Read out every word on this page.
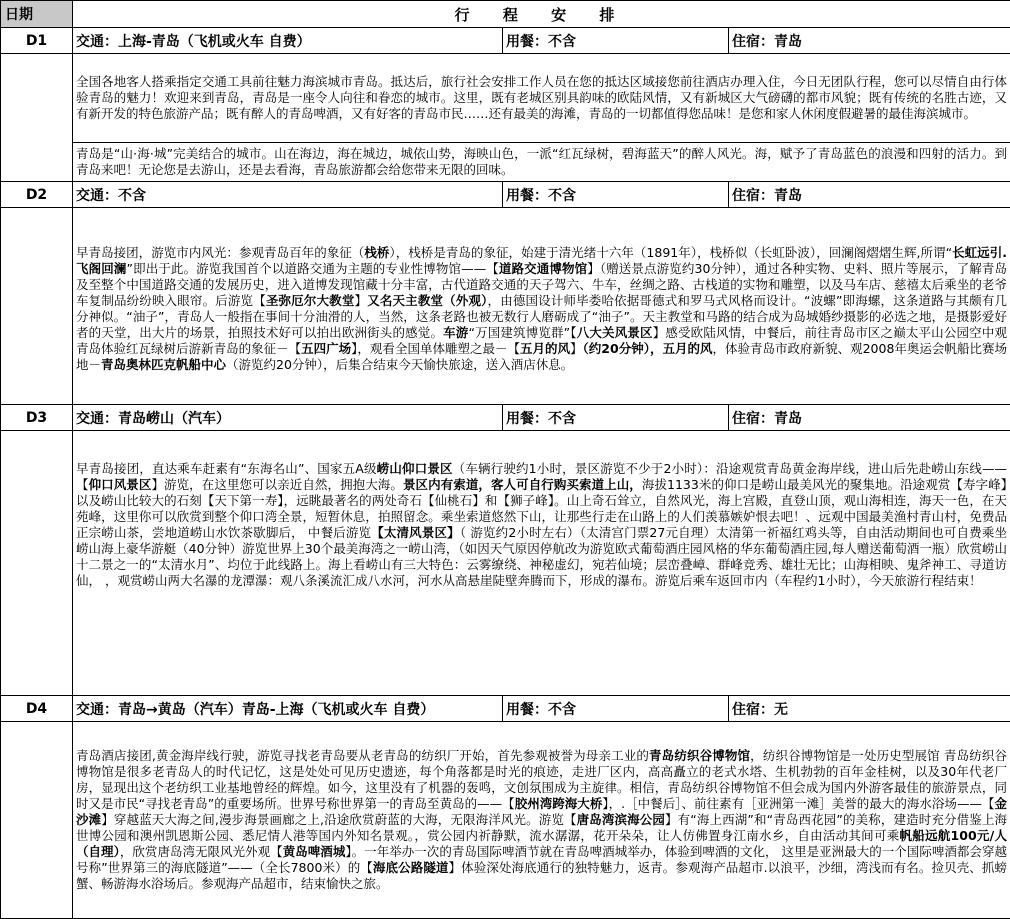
日期	行 程 安 排		
D1	交通：上海-青岛（飞机或火车 自费）	用餐：不含	住宿：青岛
	全国各地客人搭乘指定交通工具前往魅力海滨城市青岛。抵达后，旅行社会安排工作人员在您的抵达区域接您前往酒店办理入住，今日无团队行程，您可以尽情自由行体验青岛的魅力！欢迎来到青岛，青岛是一座令人向往和眷恋的城市。这里，既有老城区别具韵味的欧陆风情，又有新城区大气磅礴的都市风貌；既有传统的名胜古迹，又有新开发的特色旅游产品；既有醉人的青岛啤酒，又有好客的青岛市民……还有最美的海滩，青岛的一切都值得您品味！是您和家人休闲度假避暑的最佳海滨城市。		
	青岛是“山·海·城”完美结合的城市。山在海边，海在城边，城依山势，海映山色，一派“红瓦绿树，碧海蓝天”的醉人风光。海，赋予了青岛蓝色的浪漫和四射的活力。到青岛来吧！无论您是去游山，还是去看海，青岛旅游都会给您带来无限的回味。		
D2	交通：不含	用餐：不含	住宿：青岛
	早青岛接团，游览市内风光：参观青岛百年的象征（栈桥），栈桥是青岛的象征，始建于清光绪十六年（1891年），栈桥似（长虹卧波），回澜阁熠熠生辉,所谓“长虹远引.飞阁回澜”即出于此。游览我国首个以道路交通为主题的专业性博物馆——【道路交通博物馆】（赠送景点游览约30分钟），通过各种实物、史料、照片等展示，了解青岛及至整个中国道路交通的发展历史，进入道博发现馆藏十分丰富，古代道路交通的天子驾六、牛车，丝绸之路、古栈道的实物和雕塑，以及马车店、慈禧太后乘坐的老爷车复制品纷纷映入眼帘。后游览【圣弥厄尔大教堂】又名天主教堂（外观），由德国设计师毕娄哈依据哥德式和罗马式风格而设计。“波螺”即海螺，这条道路与其颇有几分神似。“油子”，青岛人一般指在事间十分油滑的人，当然，这条老路也被无数行人磨砺成了“油子”。天主教堂和马路的结合成为岛城婚纱摄影的必选之地，是摄影爱好者的天堂，出大片的场景，拍照技术好可以拍出欧洲街头的感觉。车游“万国建筑博览群”【八大关风景区】感受欧陆风情，中餐后，前往青岛市区之巅太平山公园空中观青岛体验红瓦绿树后游新青岛的象征－【五四广场】，观看全国单体雕塑之最－【五月的风】（约20分钟），五月的风，体验青岛市政府新貌、观2008年奥运会帆船比赛场地－青岛奥林匹克帆船中心（游览约20分钟），后集合结束今天愉快旅途，送入酒店休息。		
D3	交通：青岛崂山（汽车）	用餐：不含	住宿：青岛
	早青岛接团，直达乘车赶素有“东海名山”、国家五A级崂山仰口景区（车辆行驶约1小时，景区游览不少于2小时）：沿途观赏青岛黄金海岸线，进山后先赴崂山东线——【仰口风景区】游览，在这里您可以亲近自然，拥抱大海。景区内有索道，客人可自行购买索道上山，海拔1133米的仰口是崂山最美风光的聚集地。沿途观赏【寿字峰】以及崂山比较大的石刻【天下第一寿】，远眺最著名的两处奇石【仙桃石】和【狮子峰】。山上奇石耸立，自然风光，海上宫殿，直登山顶，观山海相连，海天一色，在天苑峰，这里你可以欣赏到整个仰口湾全景，短暂休息，拍照留念。乘坐索道悠然下山，让那些行走在山路上的人们羡慕嫉妒恨去吧！、远观中国最美渔村青山村，免费品正宗崂山茶，尝地道崂山水饮茶歇脚后， 中餐后游览【太清风景区】（ 游览约2小时左右）（太清宫门票27元自理）太清第一祈福红鸡头等，自由活动期间也可自费乘坐崂山海上豪华游艇（40分钟）游览世界上30个最美海湾之一崂山湾，（如因天气原因停航改为游览欧式葡萄酒庄园风格的华东葡萄酒庄园,每人赠送葡萄酒一瓶）欣赏崂山十二景之一的“太清水月”、均位于此线路上。海上看崂山有三大特色：云雾缭绕、神秘虚幻，宛若仙境；层峦叠嶂、群峰竞秀、雄壮无比；山海相映、鬼斧神工、寻道访仙， ，观赏崂山两大名瀑的龙潭瀑：观八条溪流汇成八水河，河水从高悬崖陡壁奔腾而下，形成的瀑布。游览后乘车返回市内（车程约1小时），今天旅游行程结束！		
D4	交通：青岛→黄岛（汽车）青岛-上海（飞机或火车 自费）	用餐：不含	住宿：无
	青岛酒店接团,黄金海岸线行驶，游览寻找老青岛要从老青岛的纺织厂开始，首先参观被誉为母亲工业的青岛纺织谷博物馆，纺织谷博物馆是一处历史型展馆 青岛纺织谷博物馆是很多老青岛人的时代记忆，这是处处可见历史遗迹，每个角落都是时光的痕迹，走进厂区内，高高矗立的老式水塔、生机勃勃的百年金桂树，以及30年代老厂房，显现出这个老纺织工业基地曾经的辉煌。如今，这里没有了机器的轰鸣，文创氛围成为主旋律。相信，青岛纺织谷博物馆不但会成为国内外游客最佳的旅游景点，同时又是市民“寻找老青岛”的重要场所。世界号称世界第一的青岛至黄岛的——【胶州湾跨海大桥】，.［中餐后］、前往素有［亚洲第一滩］美誉的最大的海水浴场——【金沙滩】穿越蓝天大海之间,漫步海景画廊之上,沿途欣赏蔚蓝的大海，无限海洋风光。游览【唐岛湾滨海公园】有“海上西湖”和“青岛西花园”的美称，建造时充分借鉴上海世博公园和澳州凯恩斯公园、悉尼情人港等国内外知名景观。，赏公园内祈静默，流水潺潺，花开朵朵，让人仿佛置身江南水乡，自由活动其间可乘帆船远航100元/人（自理），欣赏唐岛湾无限风光外观【黄岛啤酒城】。一年举办一次的青岛国际啤酒节就在青岛啤酒城举办，体验到啤酒的文化， 这里是亚洲最大的一个国际啤酒都会穿越号称”世界第三的海底隧道”——（全长7800米）的【海底公路隧道】体验深处海底通行的独特魅力，返青。参观海产品超市.以浪平，沙细，湾浅而有名。捡贝壳、抓螃蟹、畅游海水浴场后。参观海产品超市，结束愉快之旅。		
